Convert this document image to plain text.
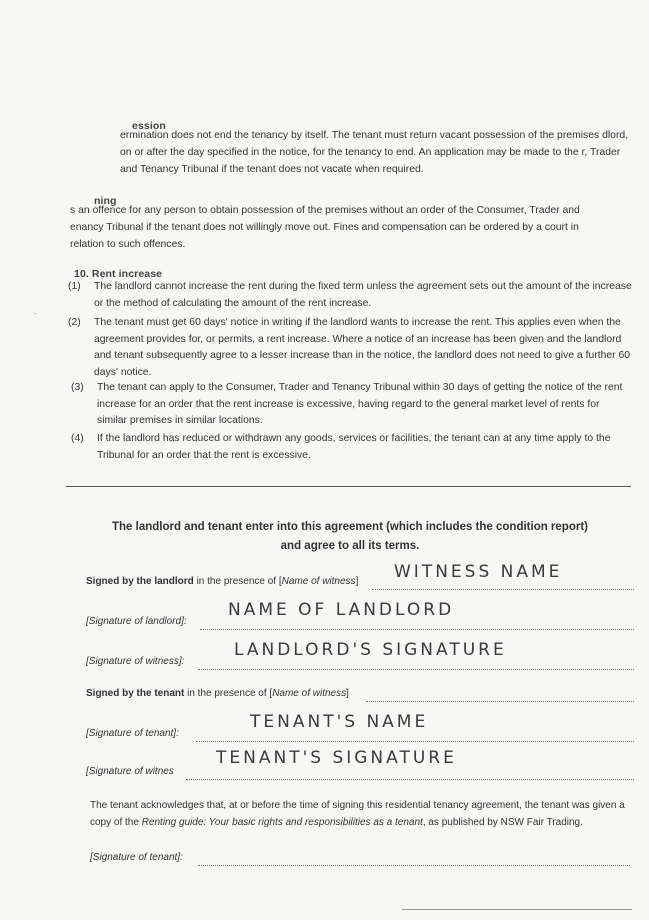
ession
ermination does not end the tenancy by itself. The tenant must return vacant possession of the premises dlord, on or after the day specified in the notice, for the tenancy to end. An application may be made to the r, Trader and Tenancy Tribunal if the tenant does not vacate when required.
ning
s an offence for any person to obtain possession of the premises without an order of the Consumer, Trader and enancy Tribunal if the tenant does not willingly move out. Fines and compensation can be ordered by a court in relation to such offences.
.
10. Rent increase
(1) The landlord cannot increase the rent during the fixed term unless the agreement sets out the amount of the increase or the method of calculating the amount of the rent increase.
(2) The tenant must get 60 days' notice in writing if the landlord wants to increase the rent. This applies even when the agreement provides for, or permits, a rent increase. Where a notice of an increase has been given and the landlord and tenant subsequently agree to a lesser increase than in the notice, the landlord does not need to give a further 60 days' notice.
(3) The tenant can apply to the Consumer, Trader and Tenancy Tribunal within 30 days of getting the notice of the rent increase for an order that the rent increase is excessive, having regard to the general market level of rents for similar premises in similar locations.
(4) If the landlord has reduced or withdrawn any goods, services or facilities, the tenant can at any time apply to the Tribunal for an order that the rent is excessive.
The landlord and tenant enter into this agreement (which includes the condition report)
and agree to all its terms.
Signed by the landlord in the presence of [Name of witness] WITNESS NAME
[Signature of landlord]:
NAME OF LANDLORD
[Signature of witness]:
LANDLORD'S SIGNATURE
Signed by the tenant in the presence of [Name of witness]
[Signature of tenant]:
TENANT'S NAME
[Signature of witnes
TENANT'S SIGNATURE
The tenant acknowledges that, at or before the time of signing this residential tenancy agreement, the tenant was given a copy of the Renting guide: Your basic rights and responsibilities as a tenant, as published by NSW Fair Trading.
[Signature of tenant]:
